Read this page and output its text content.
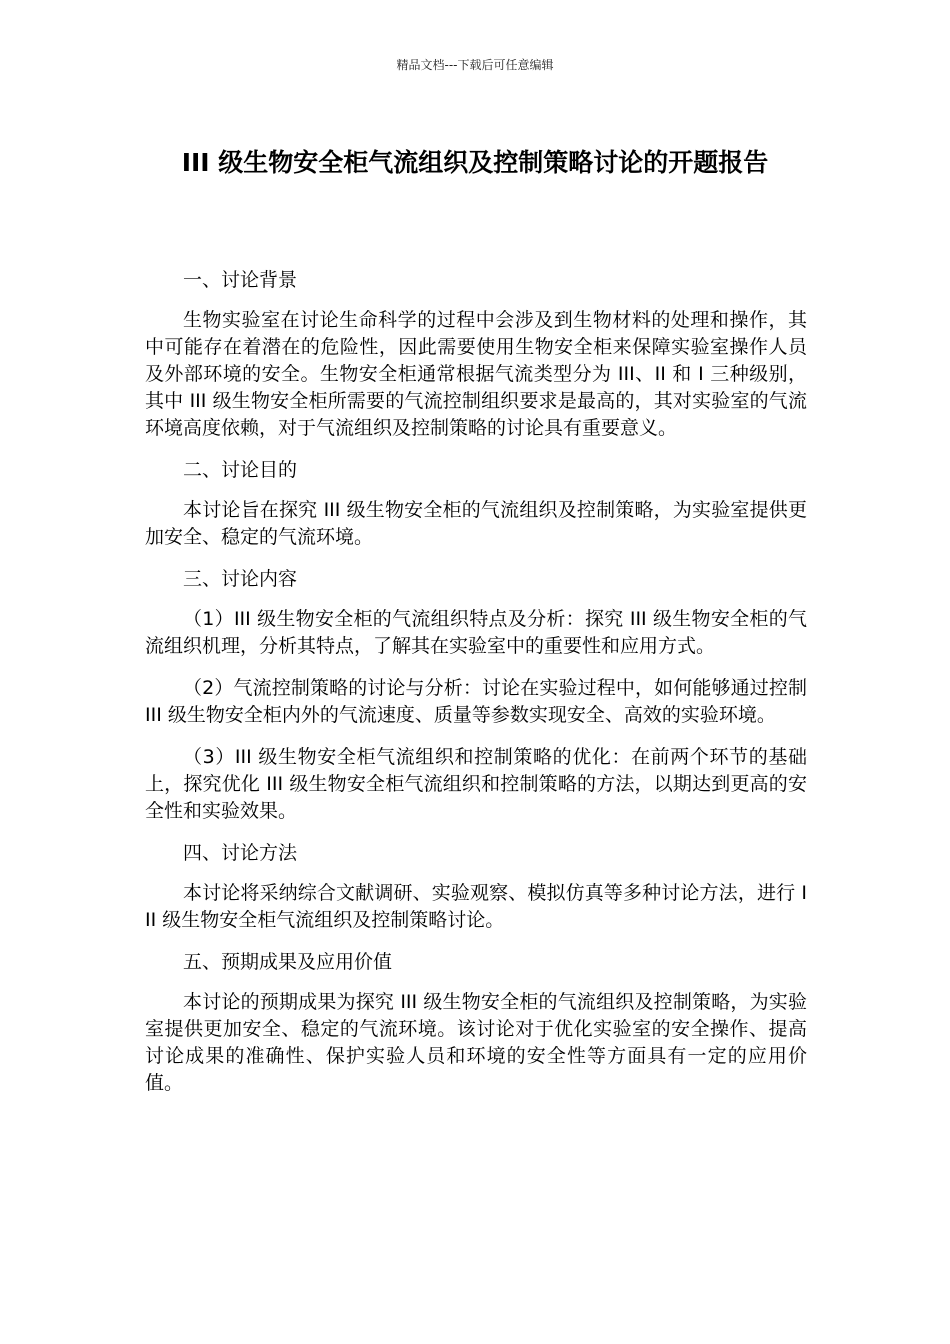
精品文档---下载后可任意编辑
III 级生物安全柜气流组织及控制策略讨论的开题报告

一、讨论背景

生物实验室在讨论生命科学的过程中会涉及到生物材料的处理和操作，其中可能存在着潜在的危险性，因此需要使用生物安全柜来保障实验室操作人员及外部环境的安全。生物安全柜通常根据气流类型分为 III、II 和 I 三种级别，其中 III 级生物安全柜所需要的气流控制组织要求是最高的，其对实验室的气流环境高度依赖，对于气流组织及控制策略的讨论具有重要意义。

二、讨论目的

本讨论旨在探究 III 级生物安全柜的气流组织及控制策略，为实验室提供更加安全、稳定的气流环境。

三、讨论内容

（1）III 级生物安全柜的气流组织特点及分析：探究 III 级生物安全柜的气流组织机理，分析其特点，了解其在实验室中的重要性和应用方式。

（2）气流控制策略的讨论与分析：讨论在实验过程中，如何能够通过控制 III 级生物安全柜内外的气流速度、质量等参数实现安全、高效的实验环境。

（3）III 级生物安全柜气流组织和控制策略的优化：在前两个环节的基础上，探究优化 III 级生物安全柜气流组织和控制策略的方法，以期达到更高的安全性和实验效果。

四、讨论方法

本讨论将采纳综合文献调研、实验观察、模拟仿真等多种讨论方法，进行 III 级生物安全柜气流组织及控制策略讨论。

五、预期成果及应用价值

本讨论的预期成果为探究 III 级生物安全柜的气流组织及控制策略，为实验室提供更加安全、稳定的气流环境。该讨论对于优化实验室的安全操作、提高讨论成果的准确性、保护实验人员和环境的安全性等方面具有一定的应用价值。
